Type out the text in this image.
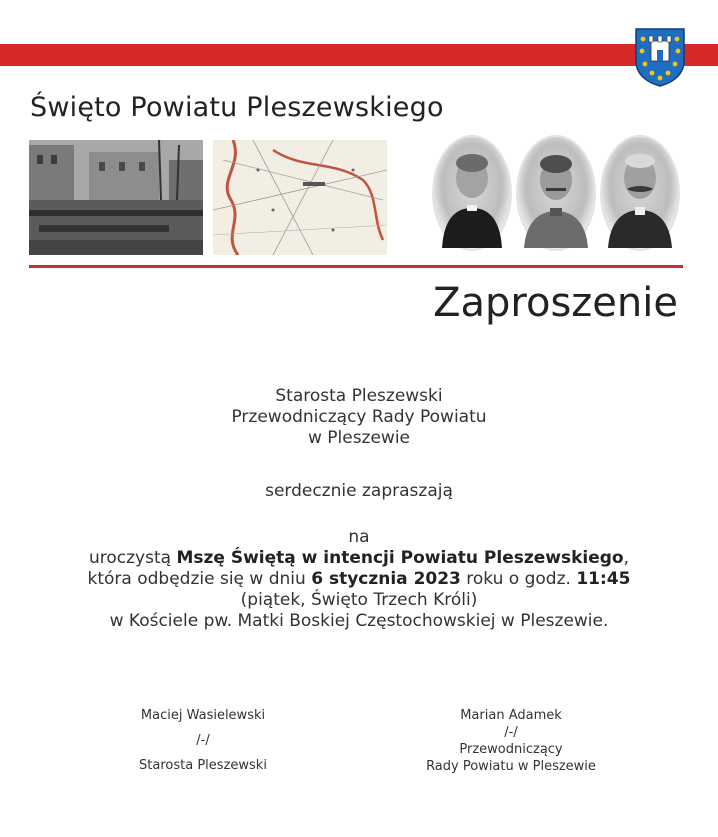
Święto Powiatu Pleszewskiego
Zaproszenie
Starosta Pleszewski
Przewodniczący Rady Powiatu
w Pleszewie
serdecznie zapraszają
na
uroczystą Mszę Świętą w intencji Powiatu Pleszewskiego,
która odbędzie się w dniu 6 stycznia 2023 roku o godz. 11:45
(piątek, Święto Trzech Króli)
w Kościele pw. Matki Boskiej Częstochowskiej w Pleszewie.
Maciej Wasielewski
/-/
Starosta Pleszewski
Marian Adamek
/-/
Przewodniczący
Rady Powiatu w Pleszewie
